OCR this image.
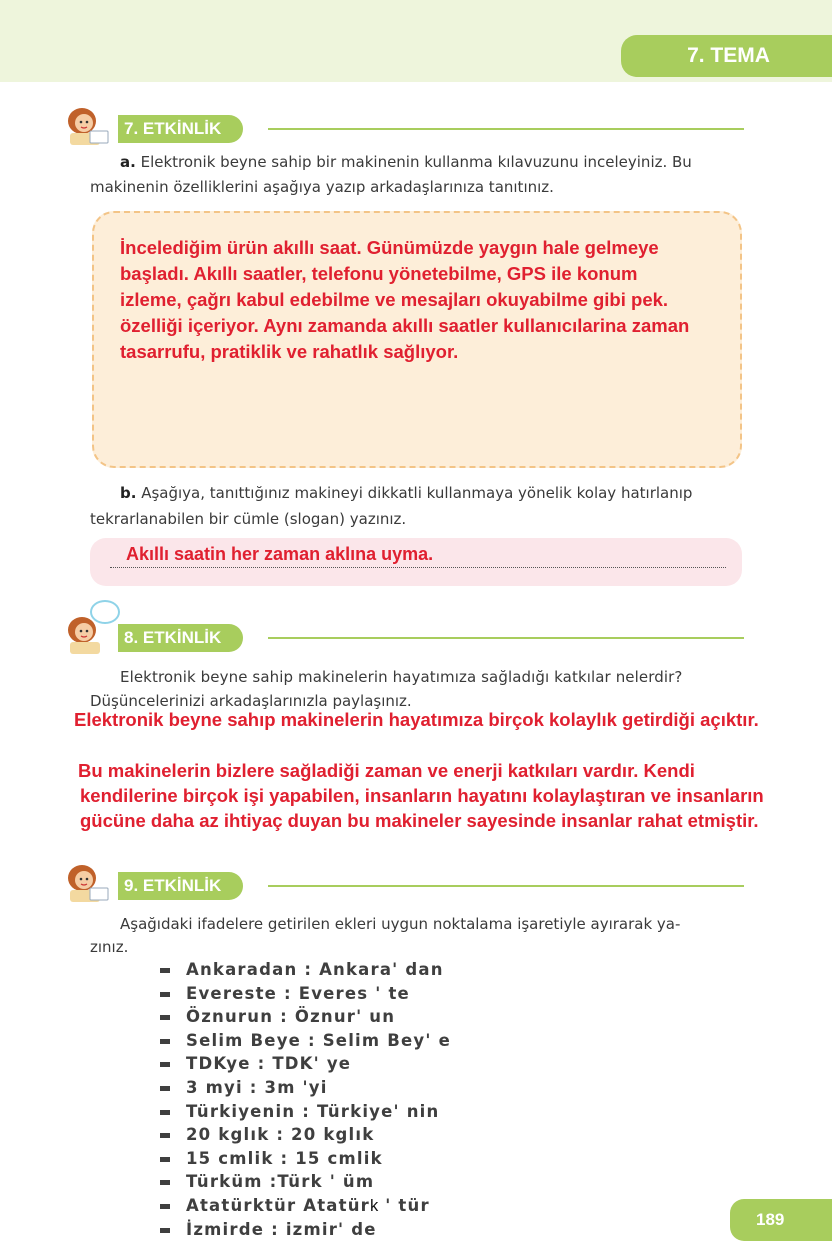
7. TEMA
7. ETKİNLİK
a. Elektronik beyne sahip bir makinenin kullanma kılavuzunu inceleyiniz. Bu
makinenin özelliklerini aşağıya yazıp arkadaşlarınıza tanıtınız.
İncelediğim ürün akıllı saat. Günümüzde yaygın hale gelmeye
başladı. Akıllı saatler, telefonu yönetebilme, GPS ile konum
izleme, çağrı kabul edebilme ve mesajları okuyabilme gibi pek.
özelliği içeriyor. Aynı zamanda akıllı saatler kullanıcılarina zaman
tasarrufu, pratiklik ve rahatlık sağlıyor.
b. Aşağıya, tanıttığınız makineyi dikkatli kullanmaya yönelik kolay hatırlanıp
tekrarlanabilen bir cümle (slogan) yazınız.
Akıllı saatin her zaman aklına uyma.
8. ETKİNLİK
Elektronik beyne sahip makinelerin hayatımıza sağladığı katkılar nelerdir?
Düşüncelerinizi arkadaşlarınızla paylaşınız.
Elektronik beyne sahıp makinelerin hayatımıza birçok kolaylık getirdiği açıktır.
Bu makinelerin bizlere sağladiği zaman ve enerji katkıları vardır. Kendi
kendilerine birçok işi yapabilen, insanların hayatını kolaylaştıran ve insanların
gücüne daha az ihtiyaç duyan bu makineler sayesinde insanlar rahat etmiştir.
9. ETKİNLİK
Aşağıdaki ifadelere getirilen ekleri uygun noktalama işaretiyle ayırarak ya-
zınız.
Ankaradan : Ankara' dan
Evereste : Everes ' te
Öznurun : Öznur' un
Selim Beye : Selim Bey' e
TDKye : TDK' ye
3 myi : 3m 'yi
Türkiyenin : Türkiye' nin
20 kglık : 20 kglık
15 cmlik : 15 cmlik
Türküm :Türk ' üm
Atatürktür Atatürk ' tür
İzmirde : izmir' de
189
